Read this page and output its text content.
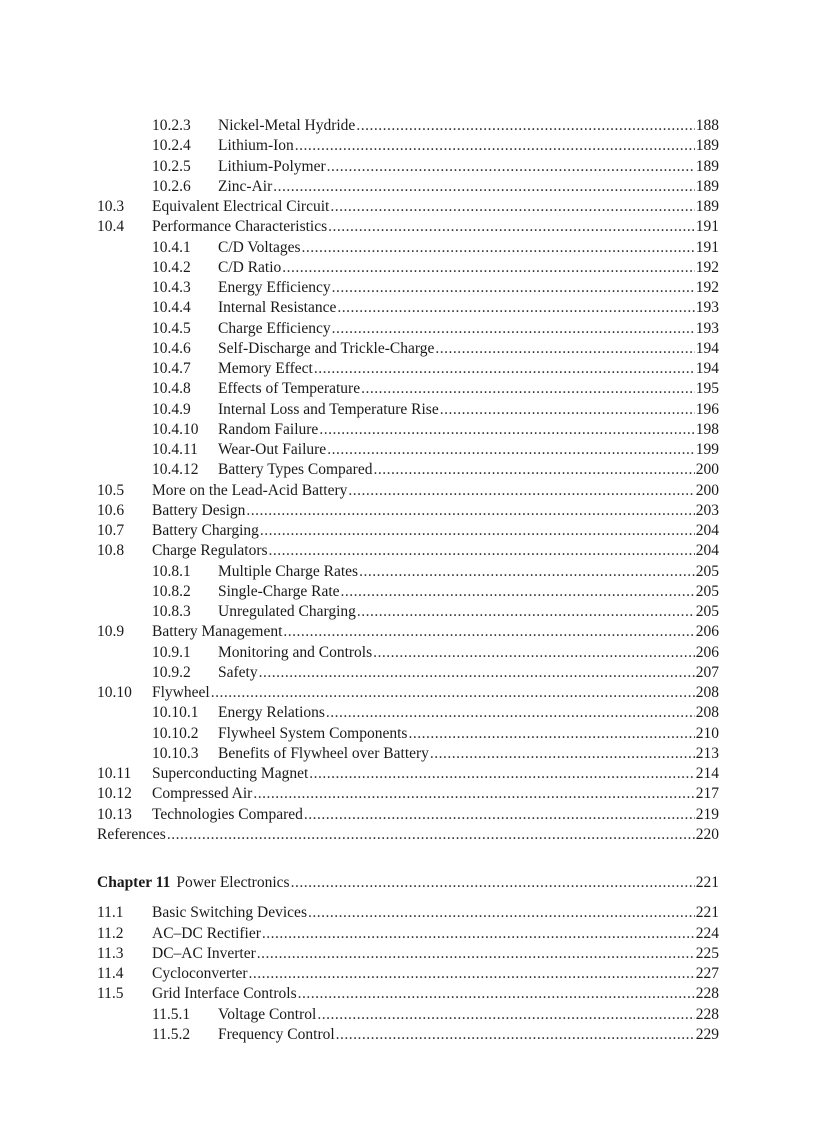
10.2.3 Nickel-Metal Hydride .....	188
10.2.4 Lithium-Ion .....	189
10.2.5 Lithium-Polymer .....	189
10.2.6 Zinc-Air .....	189
10.3 Equivalent Electrical Circuit .....	189
10.4 Performance Characteristics .....	191
10.4.1 C/D Voltages .....	191
10.4.2 C/D Ratio .....	192
10.4.3 Energy Efficiency .....	192
10.4.4 Internal Resistance .....	193
10.4.5 Charge Efficiency .....	193
10.4.6 Self-Discharge and Trickle-Charge .....	194
10.4.7 Memory Effect .....	194
10.4.8 Effects of Temperature .....	195
10.4.9 Internal Loss and Temperature Rise .....	196
10.4.10 Random Failure .....	198
10.4.11 Wear-Out Failure .....	199
10.4.12 Battery Types Compared .....	200
10.5 More on the Lead-Acid Battery .....	200
10.6 Battery Design .....	203
10.7 Battery Charging .....	204
10.8 Charge Regulators .....	204
10.8.1 Multiple Charge Rates .....	205
10.8.2 Single-Charge Rate .....	205
10.8.3 Unregulated Charging .....	205
10.9 Battery Management .....	206
10.9.1 Monitoring and Controls .....	206
10.9.2 Safety .....	207
10.10 Flywheel .....	208
10.10.1 Energy Relations .....	208
10.10.2 Flywheel System Components .....	210
10.10.3 Benefits of Flywheel over Battery .....	213
10.11 Superconducting Magnet .....	214
10.12 Compressed Air .....	217
10.13 Technologies Compared .....	219
References .....	220
Chapter 11 Power Electronics .....	221
11.1 Basic Switching Devices .....	221
11.2 AC–DC Rectifier .....	224
11.3 DC–AC Inverter .....	225
11.4 Cycloconverter .....	227
11.5 Grid Interface Controls .....	228
11.5.1 Voltage Control .....	228
11.5.2 Frequency Control .....	229
